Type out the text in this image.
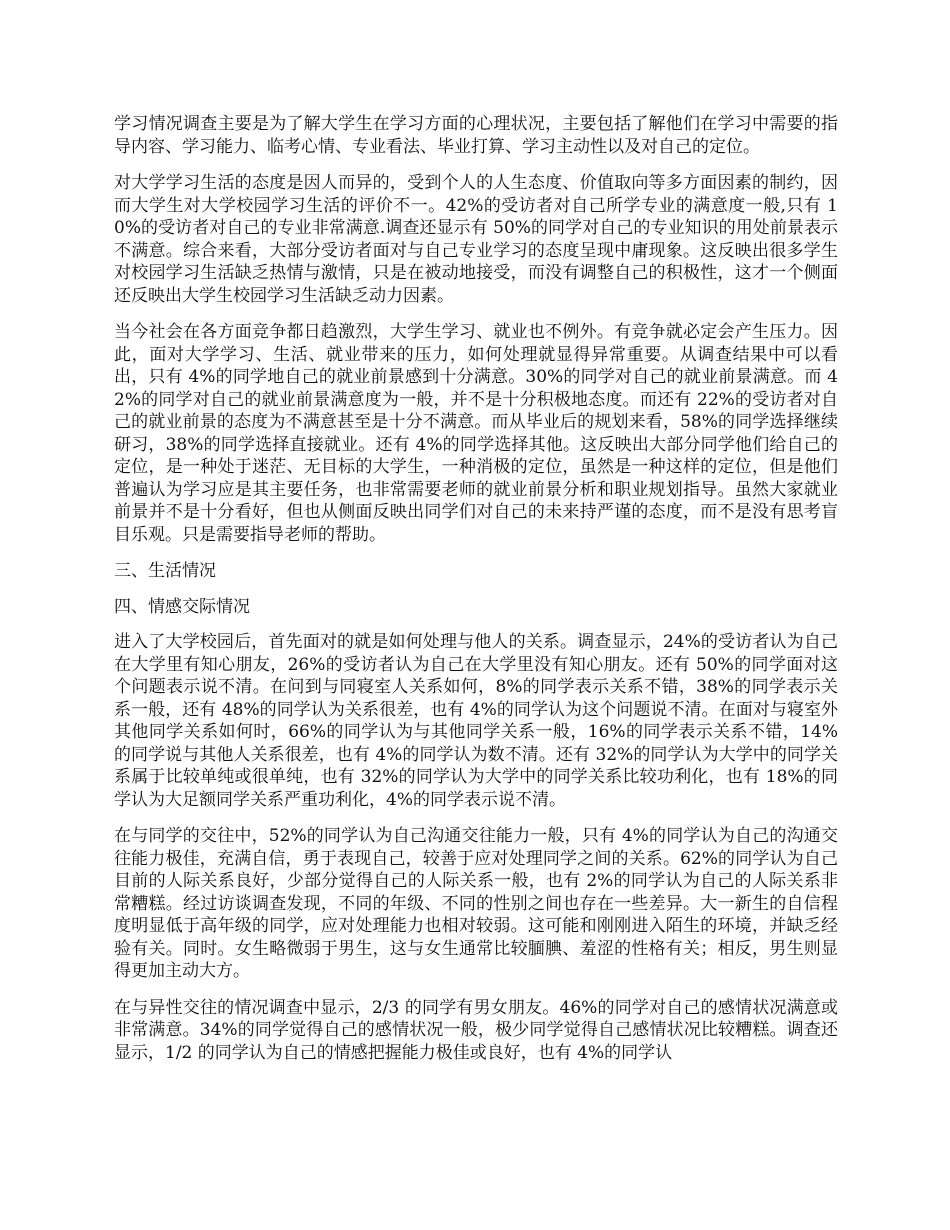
学习情况调查主要是为了解大学生在学习方面的心理状况，主要包括了解他们在学习中需要的指导内容、学习能力、临考心情、专业看法、毕业打算、学习主动性以及对自己的定位。

对大学学习生活的态度是因人而异的，受到个人的人生态度、价值取向等多方面因素的制约，因而大学生对大学校园学习生活的评价不一。42%的受访者对自己所学专业的满意度一般,只有 10%的受访者对自己的专业非常满意.调查还显示有 50%的同学对自己的专业知识的用处前景表示不满意。综合来看，大部分受访者面对与自己专业学习的态度呈现中庸现象。这反映出很多学生对校园学习生活缺乏热情与激情，只是在被动地接受，而没有调整自己的积极性，这才一个侧面还反映出大学生校园学习生活缺乏动力因素。

当今社会在各方面竞争都日趋激烈，大学生学习、就业也不例外。有竞争就必定会产生压力。因此，面对大学学习、生活、就业带来的压力，如何处理就显得异常重要。从调查结果中可以看出，只有 4%的同学地自己的就业前景感到十分满意。30%的同学对自己的就业前景满意。而 42%的同学对自己的就业前景满意度为一般，并不是十分积极地态度。而还有 22%的受访者对自己的就业前景的态度为不满意甚至是十分不满意。而从毕业后的规划来看，58%的同学选择继续研习，38%的同学选择直接就业。还有 4%的同学选择其他。这反映出大部分同学他们给自己的定位，是一种处于迷茫、无目标的大学生，一种消极的定位，虽然是一种这样的定位，但是他们普遍认为学习应是其主要任务，也非常需要老师的就业前景分析和职业规划指导。虽然大家就业前景并不是十分看好，但也从侧面反映出同学们对自己的未来持严谨的态度，而不是没有思考盲目乐观。只是需要指导老师的帮助。

三、生活情况

四、情感交际情况

进入了大学校园后，首先面对的就是如何处理与他人的关系。调查显示，24%的受访者认为自己在大学里有知心朋友，26%的受访者认为自己在大学里没有知心朋友。还有 50%的同学面对这个问题表示说不清。在问到与同寝室人关系如何，8%的同学表示关系不错，38%的同学表示关系一般，还有 48%的同学认为关系很差，也有 4%的同学认为这个问题说不清。在面对与寝室外其他同学关系如何时，66%的同学认为与其他同学关系一般，16%的同学表示关系不错，14%的同学说与其他人关系很差，也有 4%的同学认为数不清。还有 32%的同学认为大学中的同学关系属于比较单纯或很单纯，也有 32%的同学认为大学中的同学关系比较功利化，也有 18%的同学认为大足额同学关系严重功利化，4%的同学表示说不清。

在与同学的交往中，52%的同学认为自己沟通交往能力一般，只有 4%的同学认为自己的沟通交往能力极佳，充满自信，勇于表现自己，较善于应对处理同学之间的关系。62%的同学认为自己目前的人际关系良好，少部分觉得自己的人际关系一般，也有 2%的同学认为自己的人际关系非常糟糕。经过访谈调查发现，不同的年级、不同的性别之间也存在一些差异。大一新生的自信程度明显低于高年级的同学，应对处理能力也相对较弱。这可能和刚刚进入陌生的环境，并缺乏经验有关。同时。女生略微弱于男生，这与女生通常比较腼腆、羞涩的性格有关；相反，男生则显得更加主动大方。

在与异性交往的情况调查中显示，2/3 的同学有男女朋友。46%的同学对自己的感情状况满意或非常满意。34%的同学觉得自己的感情状况一般，极少同学觉得自己感情状况比较糟糕。调查还显示，1/2 的同学认为自己的情感把握能力极佳或良好，也有 4%的同学认
